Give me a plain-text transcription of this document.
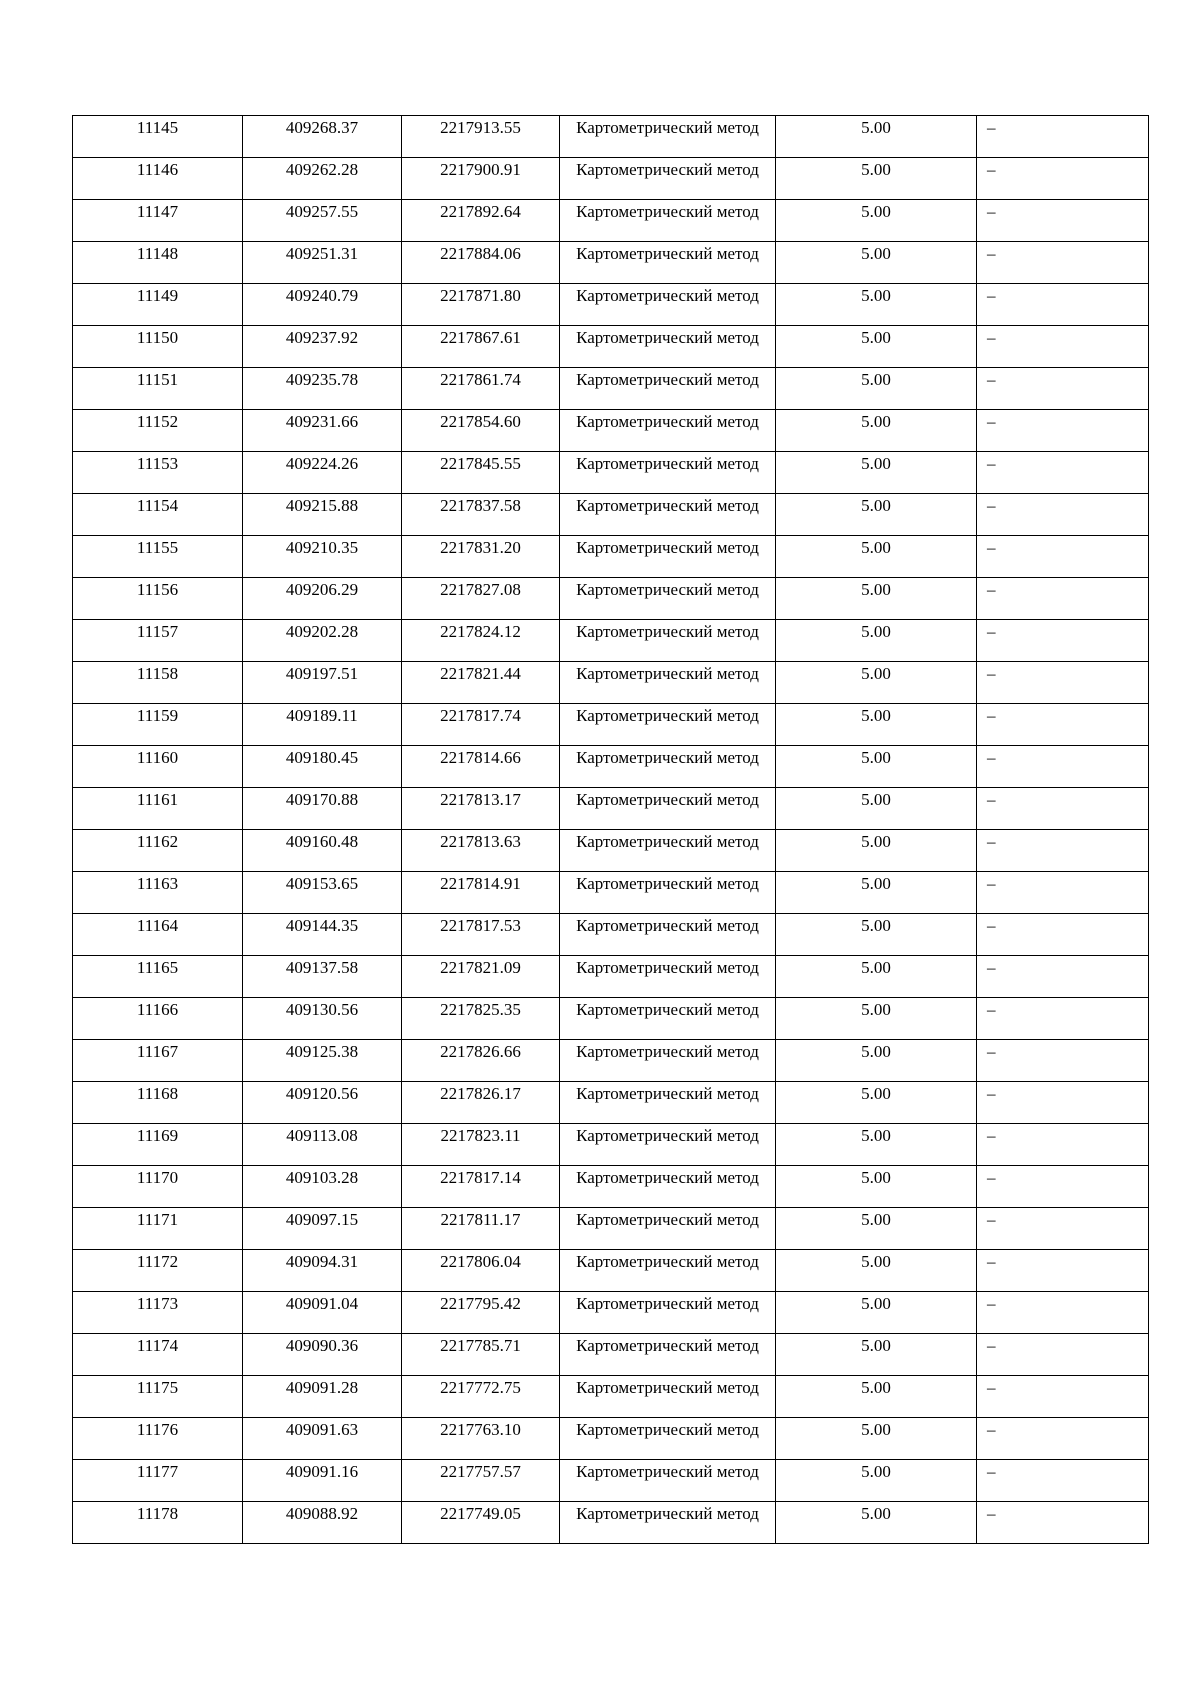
11145	409268.37	2217913.55	Картометрический метод	5.00	–
11146	409262.28	2217900.91	Картометрический метод	5.00	–
11147	409257.55	2217892.64	Картометрический метод	5.00	–
11148	409251.31	2217884.06	Картометрический метод	5.00	–
11149	409240.79	2217871.80	Картометрический метод	5.00	–
11150	409237.92	2217867.61	Картометрический метод	5.00	–
11151	409235.78	2217861.74	Картометрический метод	5.00	–
11152	409231.66	2217854.60	Картометрический метод	5.00	–
11153	409224.26	2217845.55	Картометрический метод	5.00	–
11154	409215.88	2217837.58	Картометрический метод	5.00	–
11155	409210.35	2217831.20	Картометрический метод	5.00	–
11156	409206.29	2217827.08	Картометрический метод	5.00	–
11157	409202.28	2217824.12	Картометрический метод	5.00	–
11158	409197.51	2217821.44	Картометрический метод	5.00	–
11159	409189.11	2217817.74	Картометрический метод	5.00	–
11160	409180.45	2217814.66	Картометрический метод	5.00	–
11161	409170.88	2217813.17	Картометрический метод	5.00	–
11162	409160.48	2217813.63	Картометрический метод	5.00	–
11163	409153.65	2217814.91	Картометрический метод	5.00	–
11164	409144.35	2217817.53	Картометрический метод	5.00	–
11165	409137.58	2217821.09	Картометрический метод	5.00	–
11166	409130.56	2217825.35	Картометрический метод	5.00	–
11167	409125.38	2217826.66	Картометрический метод	5.00	–
11168	409120.56	2217826.17	Картометрический метод	5.00	–
11169	409113.08	2217823.11	Картометрический метод	5.00	–
11170	409103.28	2217817.14	Картометрический метод	5.00	–
11171	409097.15	2217811.17	Картометрический метод	5.00	–
11172	409094.31	2217806.04	Картометрический метод	5.00	–
11173	409091.04	2217795.42	Картометрический метод	5.00	–
11174	409090.36	2217785.71	Картометрический метод	5.00	–
11175	409091.28	2217772.75	Картометрический метод	5.00	–
11176	409091.63	2217763.10	Картометрический метод	5.00	–
11177	409091.16	2217757.57	Картометрический метод	5.00	–
11178	409088.92	2217749.05	Картометрический метод	5.00	–
